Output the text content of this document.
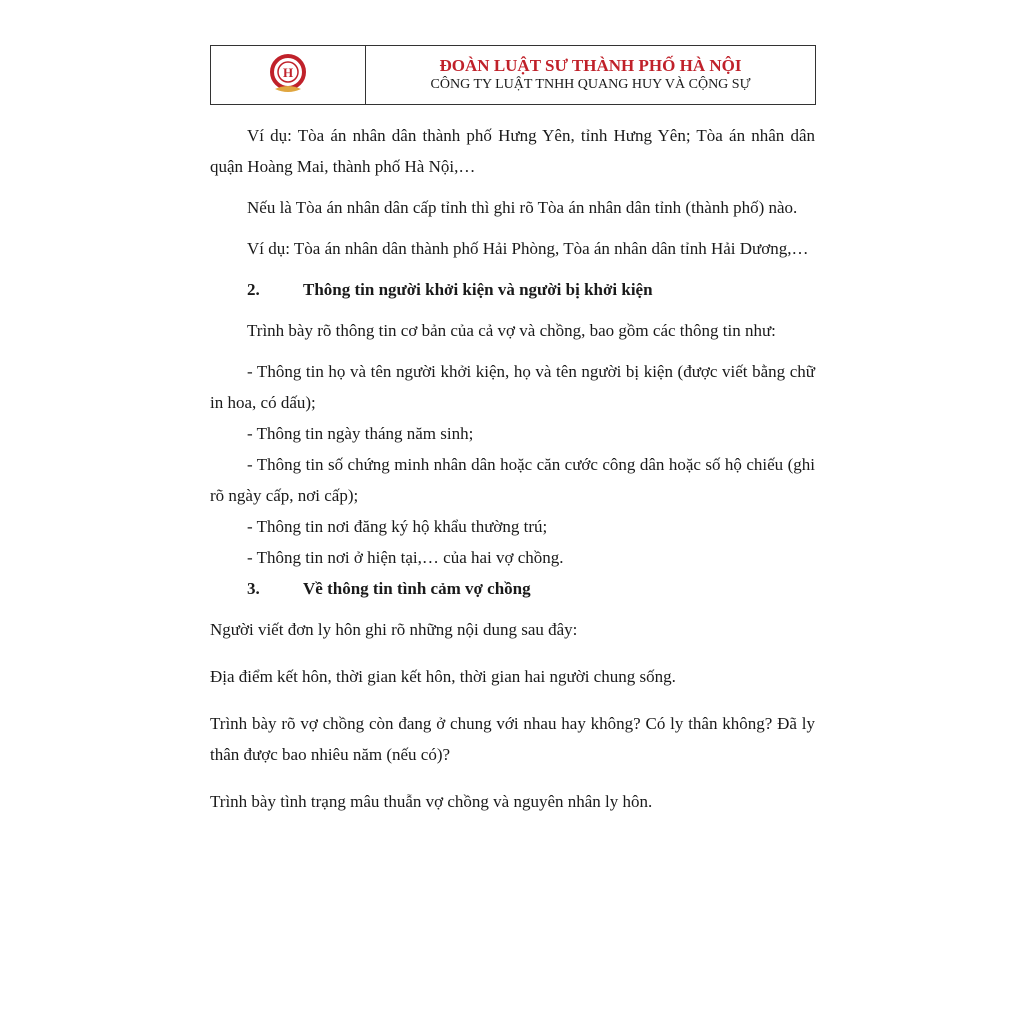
H	ĐOÀN LUẬT SƯ THÀNH PHỐ HÀ NỘI
CÔNG TY LUẬT TNHH QUANG HUY VÀ CỘNG SỰ

Ví dụ: Tòa án nhân dân thành phố Hưng Yên, tỉnh Hưng Yên; Tòa án nhân dân quận Hoàng Mai, thành phố Hà Nội,…

Nếu là Tòa án nhân dân cấp tỉnh thì ghi rõ Tòa án nhân dân tỉnh (thành phố) nào.

Ví dụ: Tòa án nhân dân thành phố Hải Phòng, Tòa án nhân dân tỉnh Hải Dương,…

2.	Thông tin người khởi kiện và người bị khởi kiện

Trình bày rõ thông tin cơ bản của cả vợ và chồng, bao gồm các thông tin như:

- Thông tin họ và tên người khởi kiện, họ và tên người bị kiện (được viết bằng chữ in hoa, có dấu);

- Thông tin ngày tháng năm sinh;

- Thông tin số chứng minh nhân dân hoặc căn cước công dân hoặc số hộ chiếu (ghi rõ ngày cấp, nơi cấp);

- Thông tin nơi đăng ký hộ khẩu thường trú;

- Thông tin nơi ở hiện tại,… của hai vợ chồng.

3.	Về thông tin tình cảm vợ chồng

Người viết đơn ly hôn ghi rõ những nội dung sau đây:

Địa điểm kết hôn, thời gian kết hôn, thời gian hai người chung sống.

Trình bày rõ vợ chồng còn đang ở chung với nhau hay không? Có ly thân không? Đã ly thân được bao nhiêu năm (nếu có)?

Trình bày tình trạng mâu thuẫn vợ chồng và nguyên nhân ly hôn.
